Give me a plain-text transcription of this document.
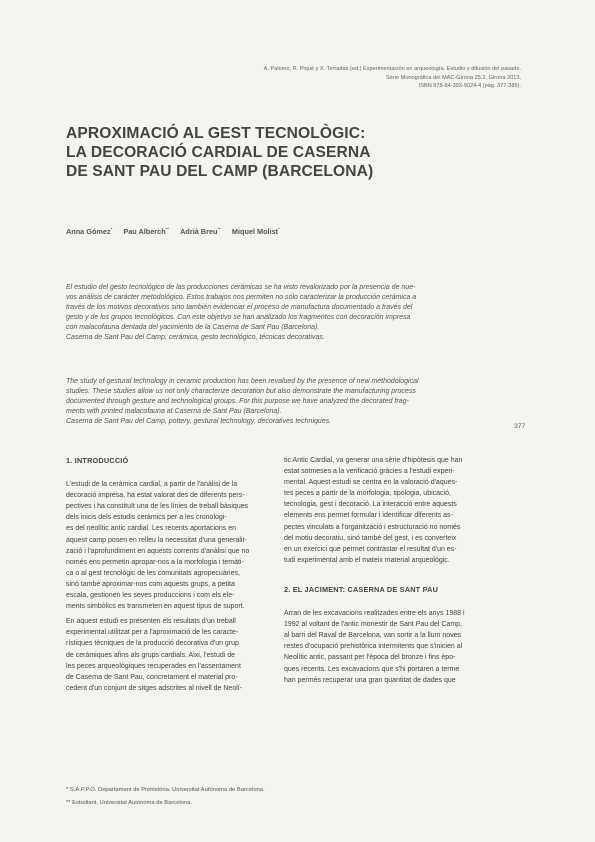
A. Palomo, R. Piqué y X. Terradas (ed.) Experimentación en arqueología. Estudio y difusión del pasado.
Sèrie Monogràfica del MAC-Girona 25.2, Girona 2013,
ISBN 978-84-393-9024-4 (pàg. 377-385).
APROXIMACIÓ AL GEST TECNOLÒGIC:
LA DECORACIÓ CARDIAL DE CASERNA
DE SANT PAU DEL CAMP (BARCELONA)
Anna Gómez* Pau Alberch** Adrià Breu** Miquel Molist*

El estudio del gesto tecnológico de las producciones cerámicas se ha visto revalorizado por la presencia de nue-

vos análisis de carácter metodológico. Estos trabajos nos permiten no sólo caracterizar la producción cerámica a

través de los motivos decorativos sino también evidenciar el proceso de manufactura documentado a través del

gesto y de los grupos tecnológicos. Con este objetivo se han analizado los fragmentos con decoración impresa

con malacofauna dentada del yacimiento de la Caserna de Sant Pau (Barcelona).

Caserna de Sant Pau del Camp, cerámica, gesto tecnológico, técnicas decorativas.

The study of gestural technology in ceramic production has been revalued by the presence of new methodological

studies. These studies allow us not only characterize decoration but also demonstrate the manufacturing process

documented through gesture and technological groups. For this purpose we have analyzed the decorated frag-

ments with printed malacofauna at Caserna de Sant Pau (Barcelona).

Caserna de Sant Pau del Camp, pottery, gestural technology, decoratives techniques.

377

1. INTRODUCCIÓ

L'estudi de la ceràmica cardial, a partir de l'anàlisi de la

decoració impresa, ha estat valorat des de diferents pers-

pectives i ha constituït una de les línies de treball bàsiques

dels inicis dels estudis ceràmics per a les cronologi-

es del neolític antic cardial. Les recents aportacions en

aquest camp posen en relleu la necessitat d'una generalit-

zació i l'aprofundiment en aquests corrents d'anàlisi que no

només ens permetin apropar-nos a la morfologia i temàti-

ca o al gest tecnològic de les comunitats agropecuàries,

sinó també aproximar-nos com aquests grups, a petita

escala, gestionen les seves produccions i com els ele-

ments simbòlics es transmeten en aquest tipus de suport.

En aquest estudi es presenten els resultats d'un treball

experimental utilitzat per a l'aproximació de les caracte-

rístiques tècniques de la producció decorativa d'un grup

de ceràmiques afins als grups cardials. Aixi, l'estudi de

les peces arqueològiques recuperades en l'assentament

de Caserna de Sant Pau, concretament el material pro-

cedent d'un conjunt de sitges adscrites al nivell de Neolí-

tic Antic Cardial, va generar una sèrie d'hipòtesis que han

estat sotmeses a la verificació gràcies a l'estudi experi-

mental. Aquest estudi se centra en la valoració d'aques-

tes peces a partir de la morfologia, tipologia, ubicació,

tecnologia, gest i decoració. La interacció entre aquests

elements ens permet formular i identificar diferents as-

pectes vinculats a l'organització i estructuració no només

del motiu decoratiu, sinó també del gest, i es converteix

en un exercici que permet contrastar el resultat d'un es-

tudi experimental amb el mateix material arqueològic.

2. EL JACIMENT: CASERNA DE SANT PAU

Arran de les excavacions realitzades entre els anys 1988 i

1992 al voltant de l'antic monestir de Sant Pau del Camp,

al barri del Raval de Barcelona, van sortir a la llum noves

restes d'ocupació prehistòrica intermitents que s'inicien al

Neolític antic, passant per l'època del bronze i fins èpo-

ques recents. Les excavacions que s'hi portaren a terme

han permès recuperar una gran quantitat de dades que

* S.A.P.P.O. Departament de Prehistòria. Universitat Autònoma de Barcelona.
** Estudiant, Universitat Autònoma de Barcelona.
